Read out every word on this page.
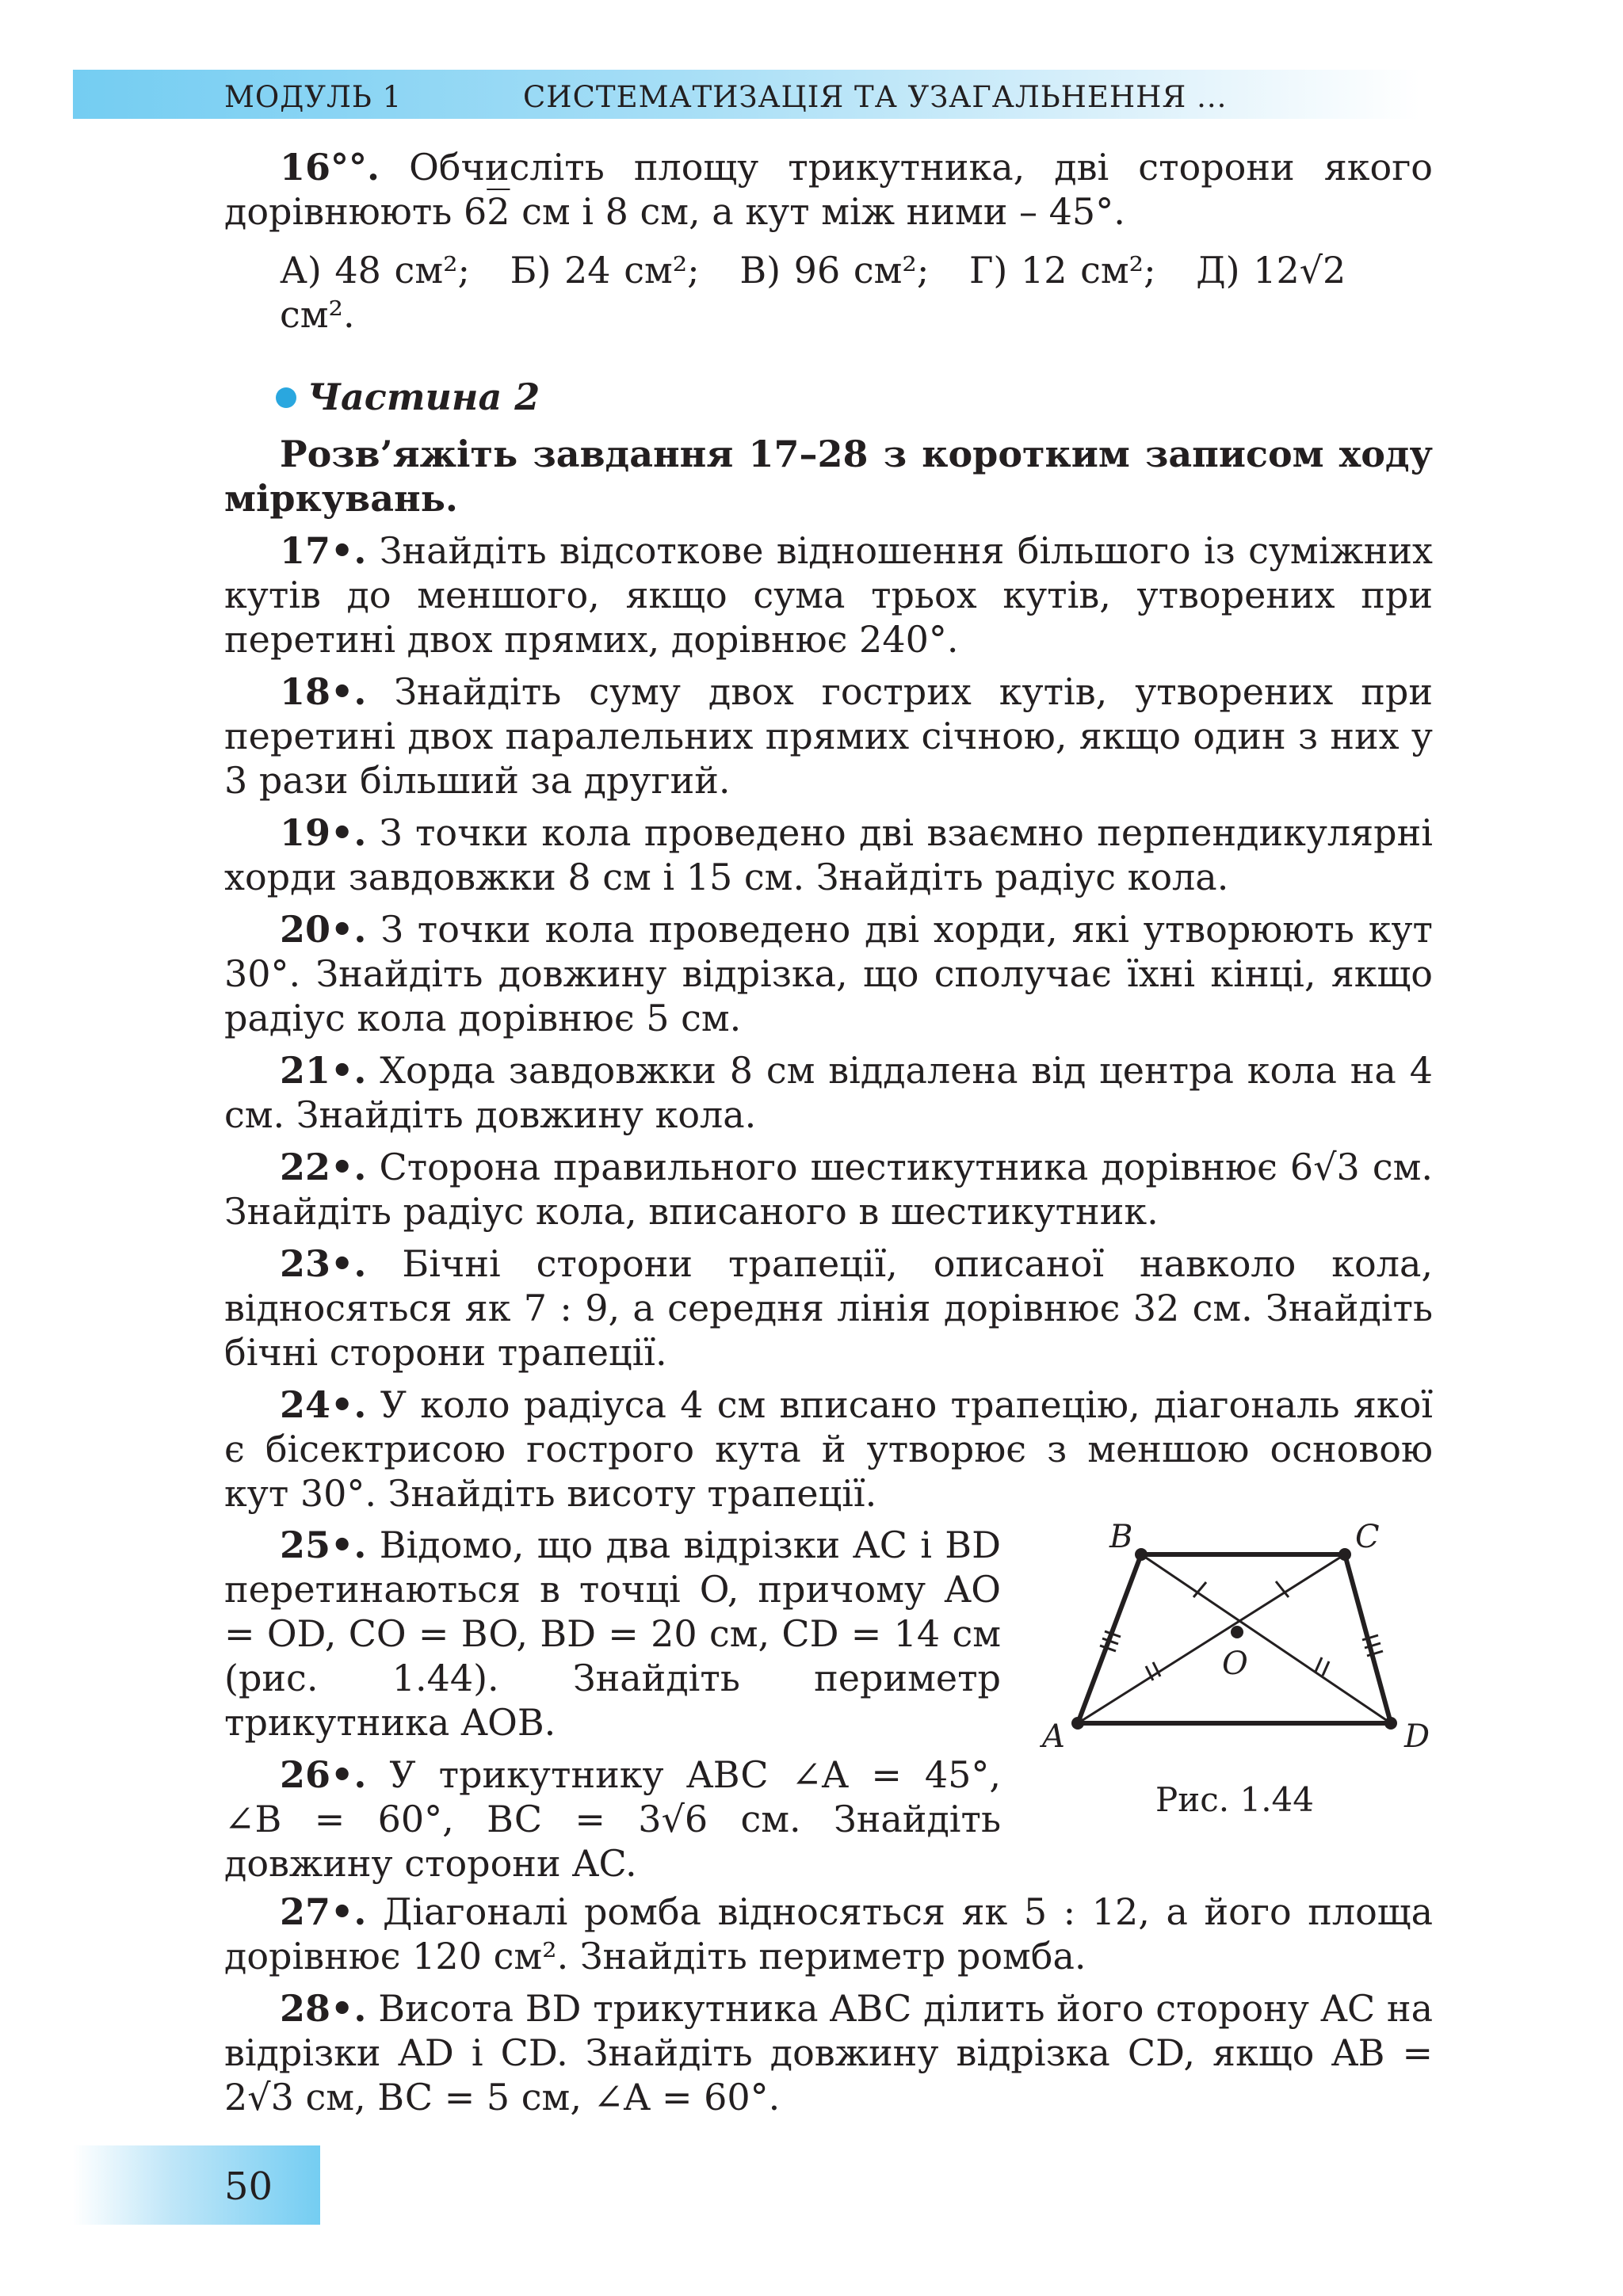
МОДУЛЬ 1	СИСТЕМАТИЗАЦІЯ ТА УЗАГАЛЬНЕННЯ ...

16°°. Обчисліть площу трикутника, дві сторони якого дорівнюють 62 см і 8 см, а кут між ними – 45°.

А) 48 см²; Б) 24 см²; В) 96 см²; Г) 12 см²; Д) 12√2 см².

Частина 2

Розв’яжіть завдання 17–28 з коротким записом ходу міркувань.

17•. Знайдіть відсоткове відношення більшого із суміжних кутів до меншого, якщо сума трьох кутів, утворених при перетині двох прямих, дорівнює 240°.

18•. Знайдіть суму двох гострих кутів, утворених при перетині двох паралельних прямих січною, якщо один з них у 3 рази більший за другий.

19•. З точки кола проведено дві взаємно перпендикулярні хорди завдовжки 8 см і 15 см. Знайдіть радіус кола.

20•. З точки кола проведено дві хорди, які утворюють кут 30°. Знайдіть довжину відрізка, що сполучає їхні кінці, якщо радіус кола дорівнює 5 см.

21•. Хорда завдовжки 8 см віддалена від центра кола на 4 см. Знайдіть довжину кола.

22•. Сторона правильного шестикутника дорівнює 6√3 см. Знайдіть радіус кола, вписаного в шестикутник.

23•. Бічні сторони трапеції, описаної навколо кола, відносяться як 7 : 9, а середня лінія дорівнює 32 см. Знайдіть бічні сторони трапеції.

24•. У коло радіуса 4 см вписано трапецію, діагональ якої є бісектрисою гострого кута й утворює з меншою основою кут 30°. Знайдіть висоту трапеції.

25•. Відомо, що два відрізки AC і BD перетинаються в точці O, причому AO = OD, CO = BO, BD = 20 см, CD = 14 см (рис. 1.44). Знайдіть периметр трикутника AOB.

26•. У трикутнику ABC ∠A = 45°, ∠B = 60°, BC = 3√6 см. Знайдіть довжину сторони AC.

B	C
A	D
O
Рис. 1.44

27•. Діагоналі ромба відносяться як 5 : 12, а його площа дорівнює 120 см². Знайдіть периметр ромба.

28•. Висота BD трикутника ABC ділить його сторону AC на відрізки AD і CD. Знайдіть довжину відрізка CD, якщо AB = 2√3 см, BC = 5 см, ∠A = 60°.

50
